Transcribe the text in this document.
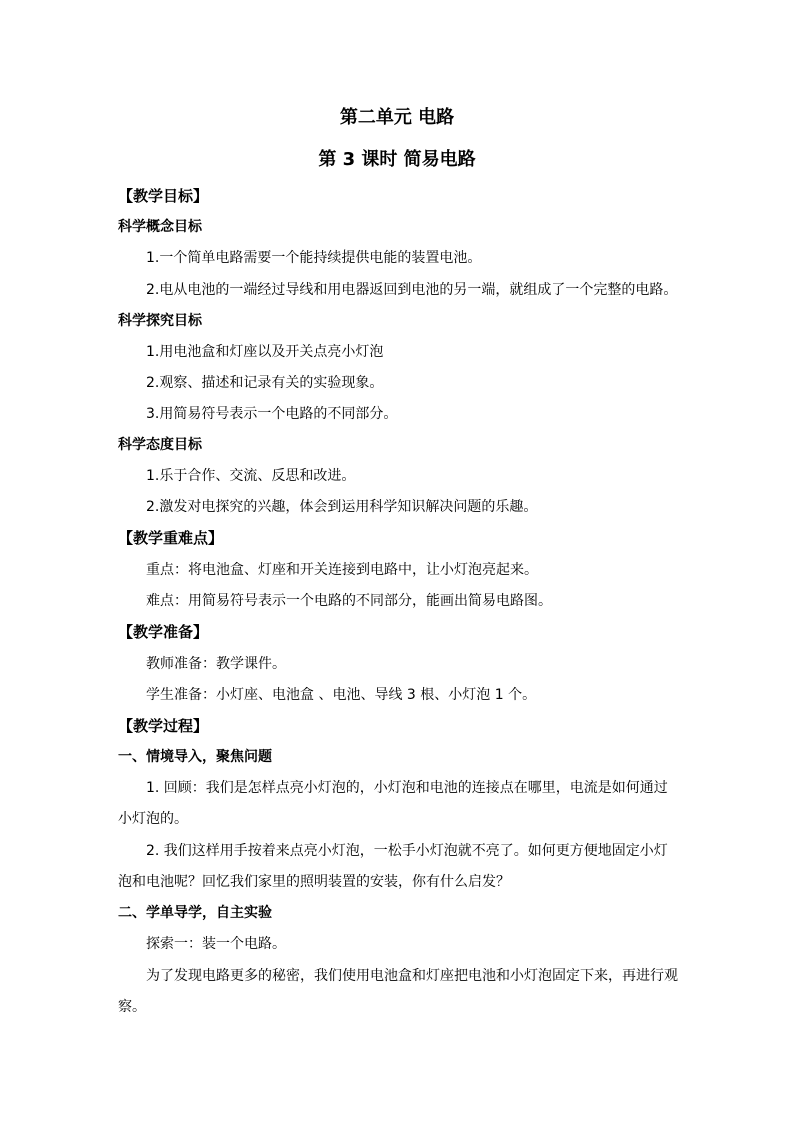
第二单元 电路
第 3 课时 简易电路
【教学目标】
科学概念目标
1.一个简单电路需要一个能持续提供电能的装置电池。
2.电从电池的一端经过导线和用电器返回到电池的另一端，就组成了一个完整的电路。
科学探究目标
1.用电池盒和灯座以及开关点亮小灯泡
2.观察、描述和记录有关的实验现象。
3.用简易符号表示一个电路的不同部分。
科学态度目标
1.乐于合作、交流、反思和改进。
2.激发对电探究的兴趣，体会到运用科学知识解决问题的乐趣。
【教学重难点】
重点：将电池盒、灯座和开关连接到电路中，让小灯泡亮起来。
难点：用简易符号表示一个电路的不同部分，能画出简易电路图。
【教学准备】
教师准备：教学课件。
学生准备：小灯座、电池盒 、电池、导线 3 根、小灯泡 1 个。
【教学过程】
一、情境导入，聚焦问题
1. 回顾：我们是怎样点亮小灯泡的，小灯泡和电池的连接点在哪里，电流是如何通过
小灯泡的。
2. 我们这样用手按着来点亮小灯泡，一松手小灯泡就不亮了。如何更方便地固定小灯
泡和电池呢？回忆我们家里的照明装置的安装，你有什么启发？
二、学单导学，自主实验
探索一：装一个电路。
为了发现电路更多的秘密，我们使用电池盒和灯座把电池和小灯泡固定下来，再进行观
察。
